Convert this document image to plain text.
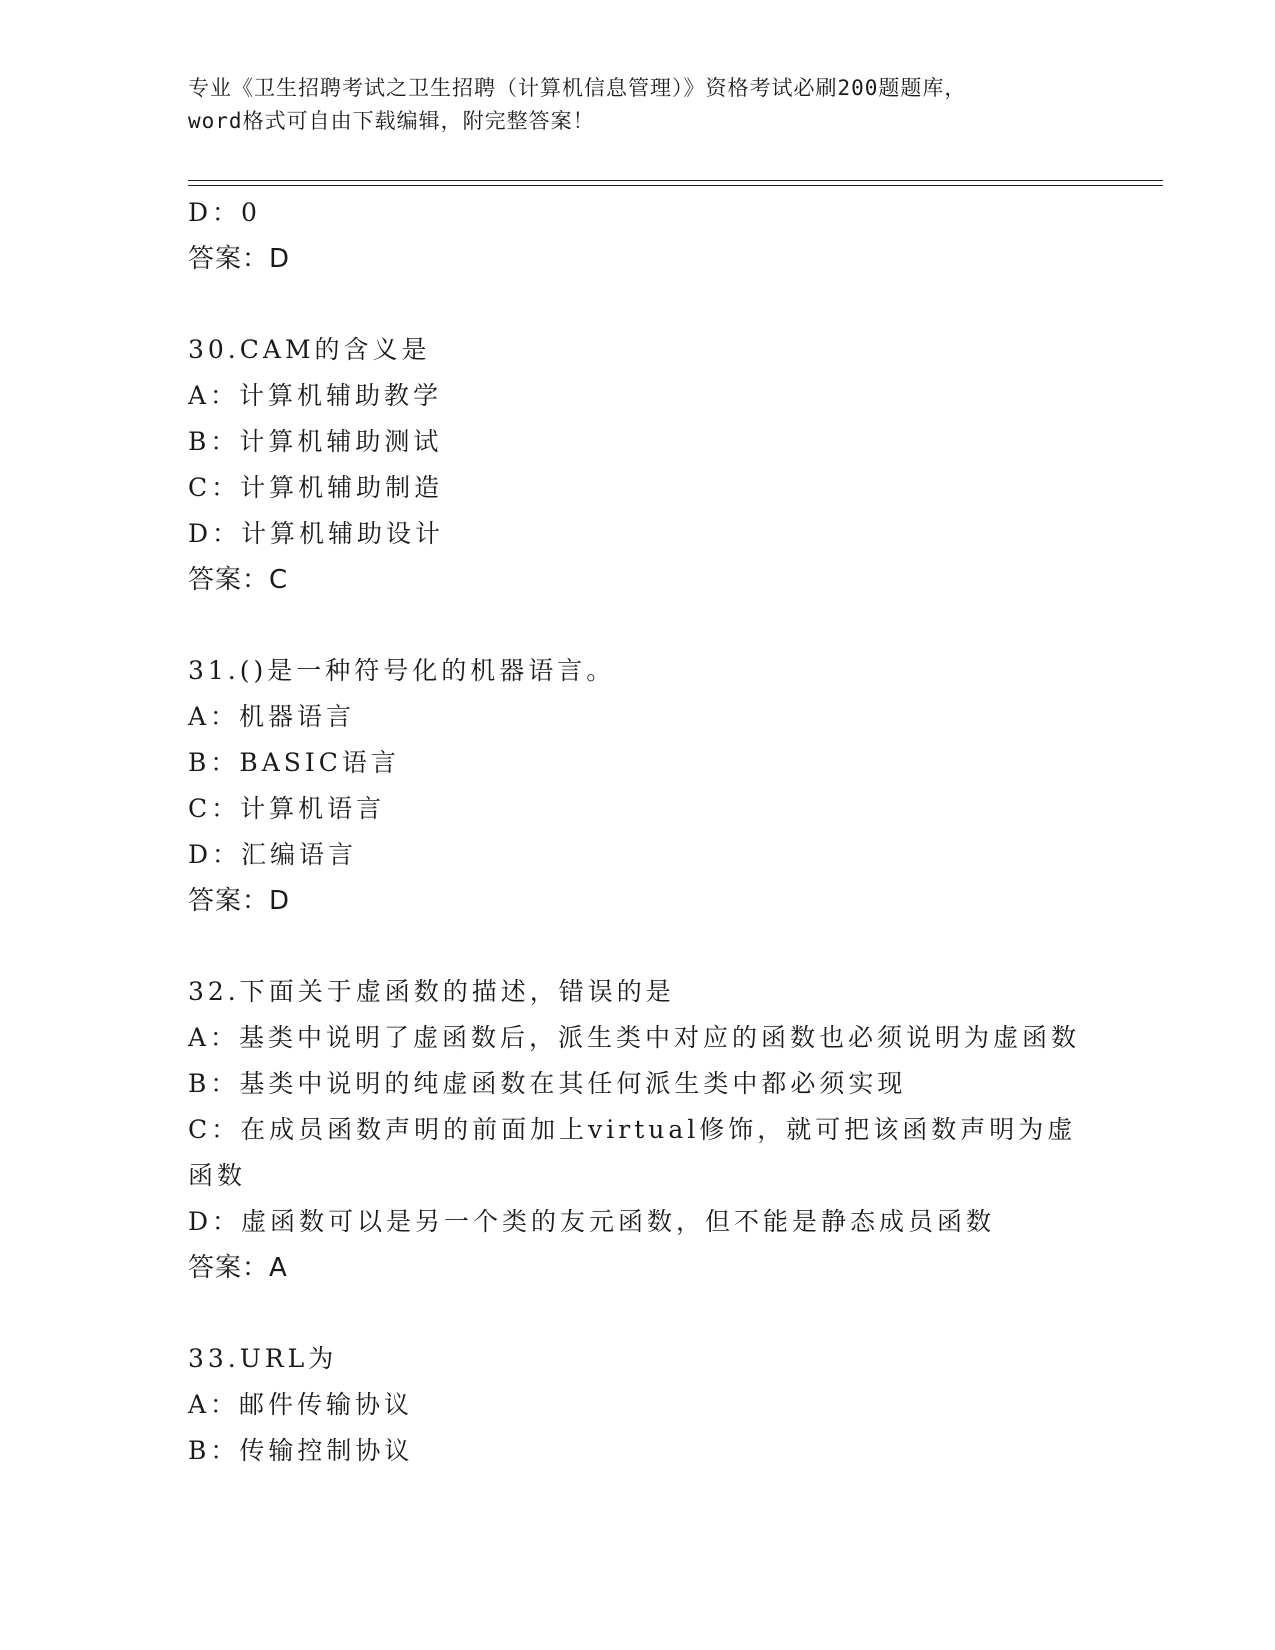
专业《卫生招聘考试之卫生招聘（计算机信息管理）》资格考试必刷200题题库，
word格式可自由下载编辑，附完整答案！
D：0
答案：D
30.CAM的含义是
A：计算机辅助教学
B：计算机辅助测试
C：计算机辅助制造
D：计算机辅助设计
答案：C
31.()是一种符号化的机器语言。
A：机器语言
B：BASIC语言
C：计算机语言
D：汇编语言
答案：D
32.下面关于虚函数的描述，错误的是
A：基类中说明了虚函数后，派生类中对应的函数也必须说明为虚函数
B：基类中说明的纯虚函数在其任何派生类中都必须实现
C：在成员函数声明的前面加上virtual修饰，就可把该函数声明为虚函数
D：虚函数可以是另一个类的友元函数，但不能是静态成员函数
答案：A
33.URL为
A：邮件传输协议
B：传输控制协议
